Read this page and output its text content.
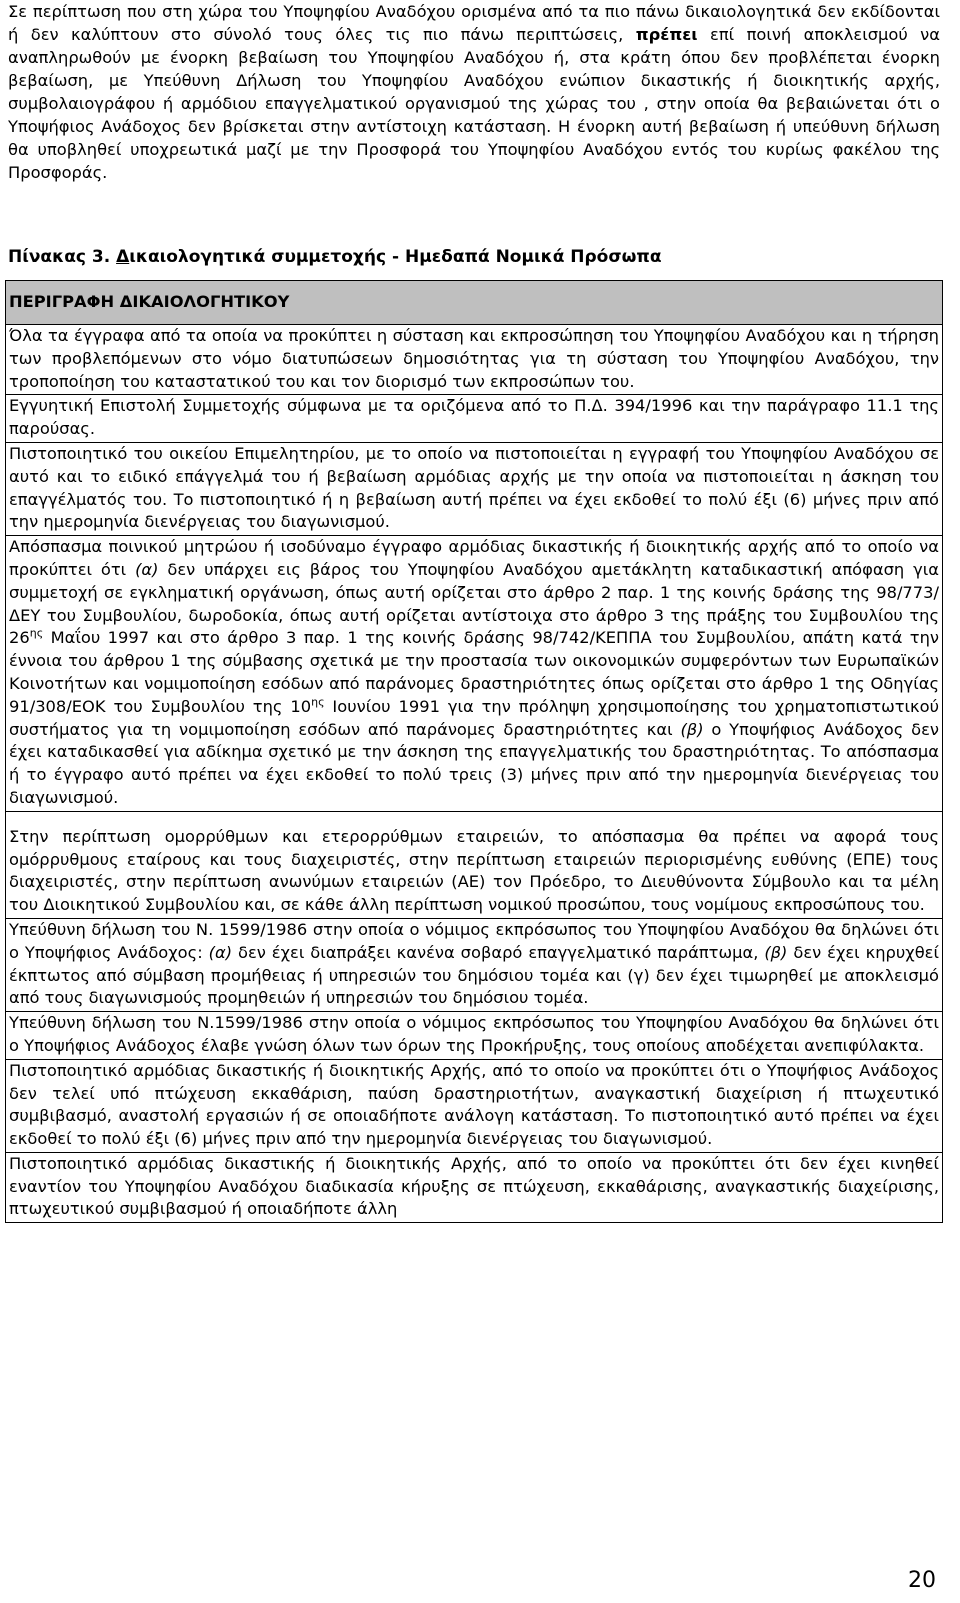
Σε περίπτωση που στη χώρα του Υποψηφίου Αναδόχου ορισμένα από τα πιο πάνω δικαιολογητικά δεν εκδίδονται ή δεν καλύπτουν στο σύνολό τους όλες τις πιο πάνω περιπτώσεις, πρέπει επί ποινή αποκλεισμού να αναπληρωθούν με ένορκη βεβαίωση του Υποψηφίου Αναδόχου ή, στα κράτη όπου δεν προβλέπεται ένορκη βεβαίωση, με Υπεύθυνη Δήλωση του Υποψηφίου Αναδόχου ενώπιον δικαστικής ή διοικητικής αρχής, συμβολαιογράφου ή αρμόδιου επαγγελματικού οργανισμού της χώρας του , στην οποία θα βεβαιώνεται ότι ο Υποψήφιος Ανάδοχος δεν βρίσκεται στην αντίστοιχη κατάσταση. Η ένορκη αυτή βεβαίωση ή υπεύθυνη δήλωση θα υποβληθεί υποχρεωτικά μαζί με την Προσφορά του Υποψηφίου Αναδόχου εντός του κυρίως φακέλου της Προσφοράς.

Πίνακας 3. Δικαιολογητικά συμμετοχής - Ημεδαπά Νομικά Πρόσωπα

ΠΕΡΙΓΡΑΦΗ ΔΙΚΑΙΟΛΟΓΗΤΙΚΟΥ
Όλα τα έγγραφα από τα οποία να προκύπτει η σύσταση και εκπροσώπηση του Υποψηφίου Αναδόχου και η τήρηση των προβλεπόμενων στο νόμο διατυπώσεων δημοσιότητας για τη σύσταση του Υποψηφίου Αναδόχου, την τροποποίηση του καταστατικού του και τον διορισμό των εκπροσώπων του.
Εγγυητική Επιστολή Συμμετοχής σύμφωνα με τα οριζόμενα από το Π.Δ. 394/1996 και την παράγραφο 11.1 της παρούσας.
Πιστοποιητικό του οικείου Επιμελητηρίου, με το οποίο να πιστοποιείται η εγγραφή του Υποψηφίου Αναδόχου σε αυτό και το ειδικό επάγγελμά του ή βεβαίωση αρμόδιας αρχής με την οποία να πιστοποιείται η άσκηση του επαγγέλματός του. Το πιστοποιητικό ή η βεβαίωση αυτή πρέπει να έχει εκδοθεί το πολύ έξι (6) μήνες πριν από την ημερομηνία διενέργειας του διαγωνισμού.
Απόσπασμα ποινικού μητρώου ή ισοδύναμο έγγραφο αρμόδιας δικαστικής ή διοικητικής αρχής από το οποίο να προκύπτει ότι (α) δεν υπάρχει εις βάρος του Υποψηφίου Αναδόχου αμετάκλητη καταδικαστική απόφαση για συμμετοχή σε εγκληματική οργάνωση, όπως αυτή ορίζεται στο άρθρο 2 παρ. 1 της κοινής δράσης της 98/773/ΔΕΥ του Συμβουλίου, δωροδοκία, όπως αυτή ορίζεται αντίστοιχα στο άρθρο 3 της πράξης του Συμβουλίου της $26^{\eta\varsigma}$ Μαΐου 1997 και στο άρθρο 3 παρ. 1 της κοινής δράσης 98/742/ΚΕΠΠΑ του Συμβουλίου, απάτη κατά την έννοια του άρθρου 1 της σύμβασης σχετικά με την προστασία των οικονομικών συμφερόντων των Ευρωπαϊκών Κοινοτήτων και νομιμοποίηση εσόδων από παράνομες δραστηριότητες όπως ορίζεται στο άρθρο 1 της Οδηγίας 91/308/ΕΟΚ του Συμβουλίου της $10^{\eta\varsigma}$ Ιουνίου 1991 για την πρόληψη χρησιμοποίησης του χρηματοπιστωτικού συστήματος για τη νομιμοποίηση εσόδων από παράνομες δραστηριότητες και (β) ο Υποψήφιος Ανάδοχος δεν έχει καταδικασθεί για αδίκημα σχετικό με την άσκηση της επαγγελματικής του δραστηριότητας. Το απόσπασμα ή το έγγραφο αυτό πρέπει να έχει εκδοθεί το πολύ τρεις (3) μήνες πριν από την ημερομηνία διενέργειας του διαγωνισμού.
Στην περίπτωση ομορρύθμων και ετερορρύθμων εταιρειών, το απόσπασμα θα πρέπει να αφορά τους ομόρρυθμους εταίρους και τους διαχειριστές, στην περίπτωση εταιρειών περιορισμένης ευθύνης (ΕΠΕ) τους διαχειριστές, στην περίπτωση ανωνύμων εταιρειών (ΑΕ) τον Πρόεδρο, το Διευθύνοντα Σύμβουλο και τα μέλη του Διοικητικού Συμβουλίου και, σε κάθε άλλη περίπτωση νομικού προσώπου, τους νομίμους εκπροσώπους του.
Υπεύθυνη δήλωση του Ν. 1599/1986 στην οποία ο νόμιμος εκπρόσωπος του Υποψηφίου Αναδόχου θα δηλώνει ότι ο Υποψήφιος Ανάδοχος: (α) δεν έχει διαπράξει κανένα σοβαρό επαγγελματικό παράπτωμα, (β) δεν έχει κηρυχθεί έκπτωτος από σύμβαση προμήθειας ή υπηρεσιών του δημόσιου τομέα και (γ) δεν έχει τιμωρηθεί με αποκλεισμό από τους διαγωνισμούς προμηθειών ή υπηρεσιών του δημόσιου τομέα.
Υπεύθυνη δήλωση του Ν.1599/1986 στην οποία ο νόμιμος εκπρόσωπος του Υποψηφίου Αναδόχου θα δηλώνει ότι ο Υποψήφιος Ανάδοχος έλαβε γνώση όλων των όρων της Προκήρυξης, τους οποίους αποδέχεται ανεπιφύλακτα.
Πιστοποιητικό αρμόδιας δικαστικής ή διοικητικής Αρχής, από το οποίο να προκύπτει ότι ο Υποψήφιος Ανάδοχος δεν τελεί υπό πτώχευση εκκαθάριση, παύση δραστηριοτήτων, αναγκαστική διαχείριση ή πτωχευτικό συμβιβασμό, αναστολή εργασιών ή σε οποιαδήποτε ανάλογη κατάσταση. Το πιστοποιητικό αυτό πρέπει να έχει εκδοθεί το πολύ έξι (6) μήνες πριν από την ημερομηνία διενέργειας του διαγωνισμού.
Πιστοποιητικό αρμόδιας δικαστικής ή διοικητικής Αρχής, από το οποίο να προκύπτει ότι δεν έχει κινηθεί εναντίον του Υποψηφίου Αναδόχου διαδικασία κήρυξης σε πτώχευση, εκκαθάρισης, αναγκαστικής διαχείρισης, πτωχευτικού συμβιβασμού ή οποιαδήποτε άλλη
20
